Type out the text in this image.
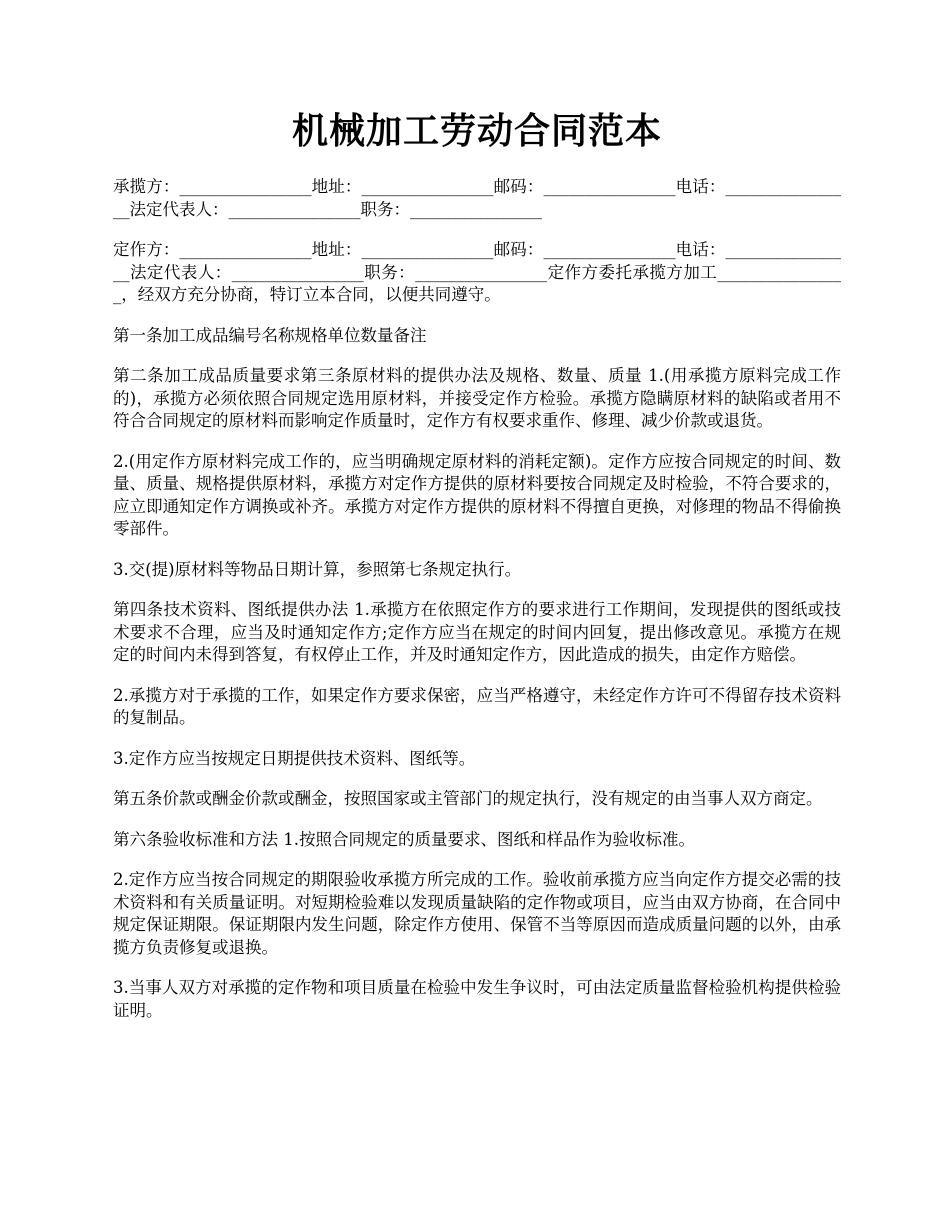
机械加工劳动合同范本

承揽方：________________地址：________________邮码：________________电话：________________法定代表人：________________职务：________________

定作方：________________地址：________________邮码：________________电话：________________法定代表人：________________职务：________________定作方委托承揽方加工________________，经双方充分协商，特订立本合同，以便共同遵守。

第一条加工成品编号名称规格单位数量备注

第二条加工成品质量要求第三条原材料的提供办法及规格、数量、质量 1.(用承揽方原料完成工作的)，承揽方必须依照合同规定选用原材料，并接受定作方检验。承揽方隐瞒原材料的缺陷或者用不符合合同规定的原材料而影响定作质量时，定作方有权要求重作、修理、减少价款或退货。

2.(用定作方原材料完成工作的，应当明确规定原材料的消耗定额)。定作方应按合同规定的时间、数量、质量、规格提供原材料，承揽方对定作方提供的原材料要按合同规定及时检验，不符合要求的，应立即通知定作方调换或补齐。承揽方对定作方提供的原材料不得擅自更换，对修理的物品不得偷换零部件。

3.交(提)原材料等物品日期计算，参照第七条规定执行。

第四条技术资料、图纸提供办法 1.承揽方在依照定作方的要求进行工作期间，发现提供的图纸或技术要求不合理，应当及时通知定作方;定作方应当在规定的时间内回复，提出修改意见。承揽方在规定的时间内未得到答复，有权停止工作，并及时通知定作方，因此造成的损失，由定作方赔偿。

2.承揽方对于承揽的工作，如果定作方要求保密，应当严格遵守，未经定作方许可不得留存技术资料的复制品。

3.定作方应当按规定日期提供技术资料、图纸等。

第五条价款或酬金价款或酬金，按照国家或主管部门的规定执行，没有规定的由当事人双方商定。

第六条验收标准和方法 1.按照合同规定的质量要求、图纸和样品作为验收标准。

2.定作方应当按合同规定的期限验收承揽方所完成的工作。验收前承揽方应当向定作方提交必需的技术资料和有关质量证明。对短期检验难以发现质量缺陷的定作物或项目，应当由双方协商，在合同中规定保证期限。保证期限内发生问题，除定作方使用、保管不当等原因而造成质量问题的以外，由承揽方负责修复或退换。

3.当事人双方对承揽的定作物和项目质量在检验中发生争议时，可由法定质量监督检验机构提供检验证明。
